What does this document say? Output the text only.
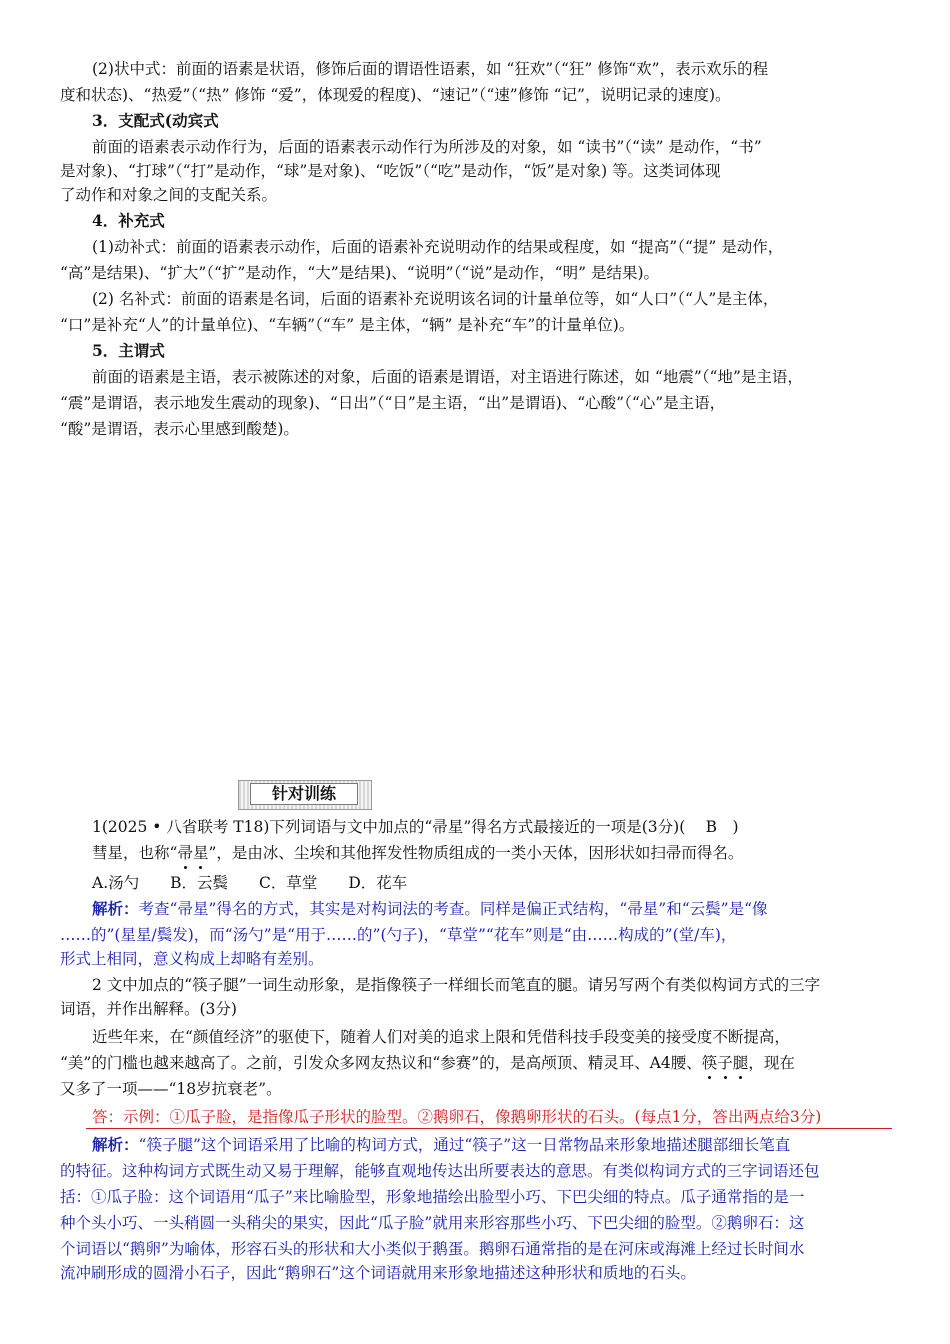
(2)状中式：前面的语素是状语，修饰后面的谓语性语素，如 “狂欢”（“狂” 修饰“欢”，表示欢乐的程
度和状态)、“热爱”（“热” 修饰 “爱”，体现爱的程度)、“速记”（“速”修饰 “记”，说明记录的速度)。
3．支配式(动宾式
前面的语素表示动作行为，后面的语素表示动作行为所涉及的对象，如 “读书”（“读” 是动作，“书”
是对象)、“打球”（“打”是动作，“球”是对象)、“吃饭”（“吃”是动作，“饭”是对象) 等。这类词体现
了动作和对象之间的支配关系。
4．补充式
(1)动补式：前面的语素表示动作，后面的语素补充说明动作的结果或程度，如 “提高”（“提” 是动作，
“高”是结果)、“扩大”（“扩”是动作，“大”是结果)、“说明”（“说”是动作，“明” 是结果)。
(2) 名补式：前面的语素是名词，后面的语素补充说明该名词的计量单位等，如“人口”（“人”是主体，
“口”是补充“人”的计量单位)、“车辆”（“车” 是主体，“辆” 是补充“车”的计量单位)。
5．主谓式
前面的语素是主语，表示被陈述的对象，后面的语素是谓语，对主语进行陈述，如 “地震”（“地”是主语，
“震”是谓语，表示地发生震动的现象)、“日出”（“日”是主语，“出”是谓语)、“心酸”（“心”是主语，
“酸”是谓语，表示心里感到酸楚)。
针对训练
1(2025 • 八省联考 T18)下列词语与文中加点的“帚星”得名方式最接近的一项是(3分)(　 B　)
彗星，也称“帚星”，是由冰、尘埃和其他挥发性物质组成的一类小天体，因形状如扫帚而得名。
A.汤勺　　B．云鬓　　C．草堂　　D．花车
解析：考查“帚星”得名的方式，其实是对构词法的考查。同样是偏正式结构，“帚星”和“云鬓”是“像
……的”(星星/鬓发)，而“汤勺”是“用于……的”(勺子)，“草堂”“花车”则是“由……构成的”(堂/车)，
形式上相同，意义构成上却略有差别。
2 文中加点的“筷子腿”一词生动形象，是指像筷子一样细长而笔直的腿。请另写两个有类似构词方式的三字
词语，并作出解释。(3分)
近些年来，在“颜值经济”的驱使下，随着人们对美的追求上限和凭借科技手段变美的接受度不断提高，
“美”的门槛也越来越高了。之前，引发众多网友热议和“参赛”的，是高颅顶、精灵耳、A4腰、筷子腿，现在
又多了一项——“18岁抗衰老”。
答：示例：①瓜子脸，是指像瓜子形状的脸型。②鹅卵石，像鹅卵形状的石头。(每点1分，答出两点给3分)
解析：“筷子腿”这个词语采用了比喻的构词方式，通过“筷子”这一日常物品来形象地描述腿部细长笔直
的特征。这种构词方式既生动又易于理解，能够直观地传达出所要表达的意思。有类似构词方式的三字词语还包
括：①瓜子脸：这个词语用“瓜子”来比喻脸型，形象地描绘出脸型小巧、下巴尖细的特点。瓜子通常指的是一
种个头小巧、一头稍圆一头稍尖的果实，因此“瓜子脸”就用来形容那些小巧、下巴尖细的脸型。②鹅卵石：这
个词语以“鹅卵”为喻体，形容石头的形状和大小类似于鹅蛋。鹅卵石通常指的是在河床或海滩上经过长时间水
流冲刷形成的圆滑小石子，因此“鹅卵石”这个词语就用来形象地描述这种形状和质地的石头。
